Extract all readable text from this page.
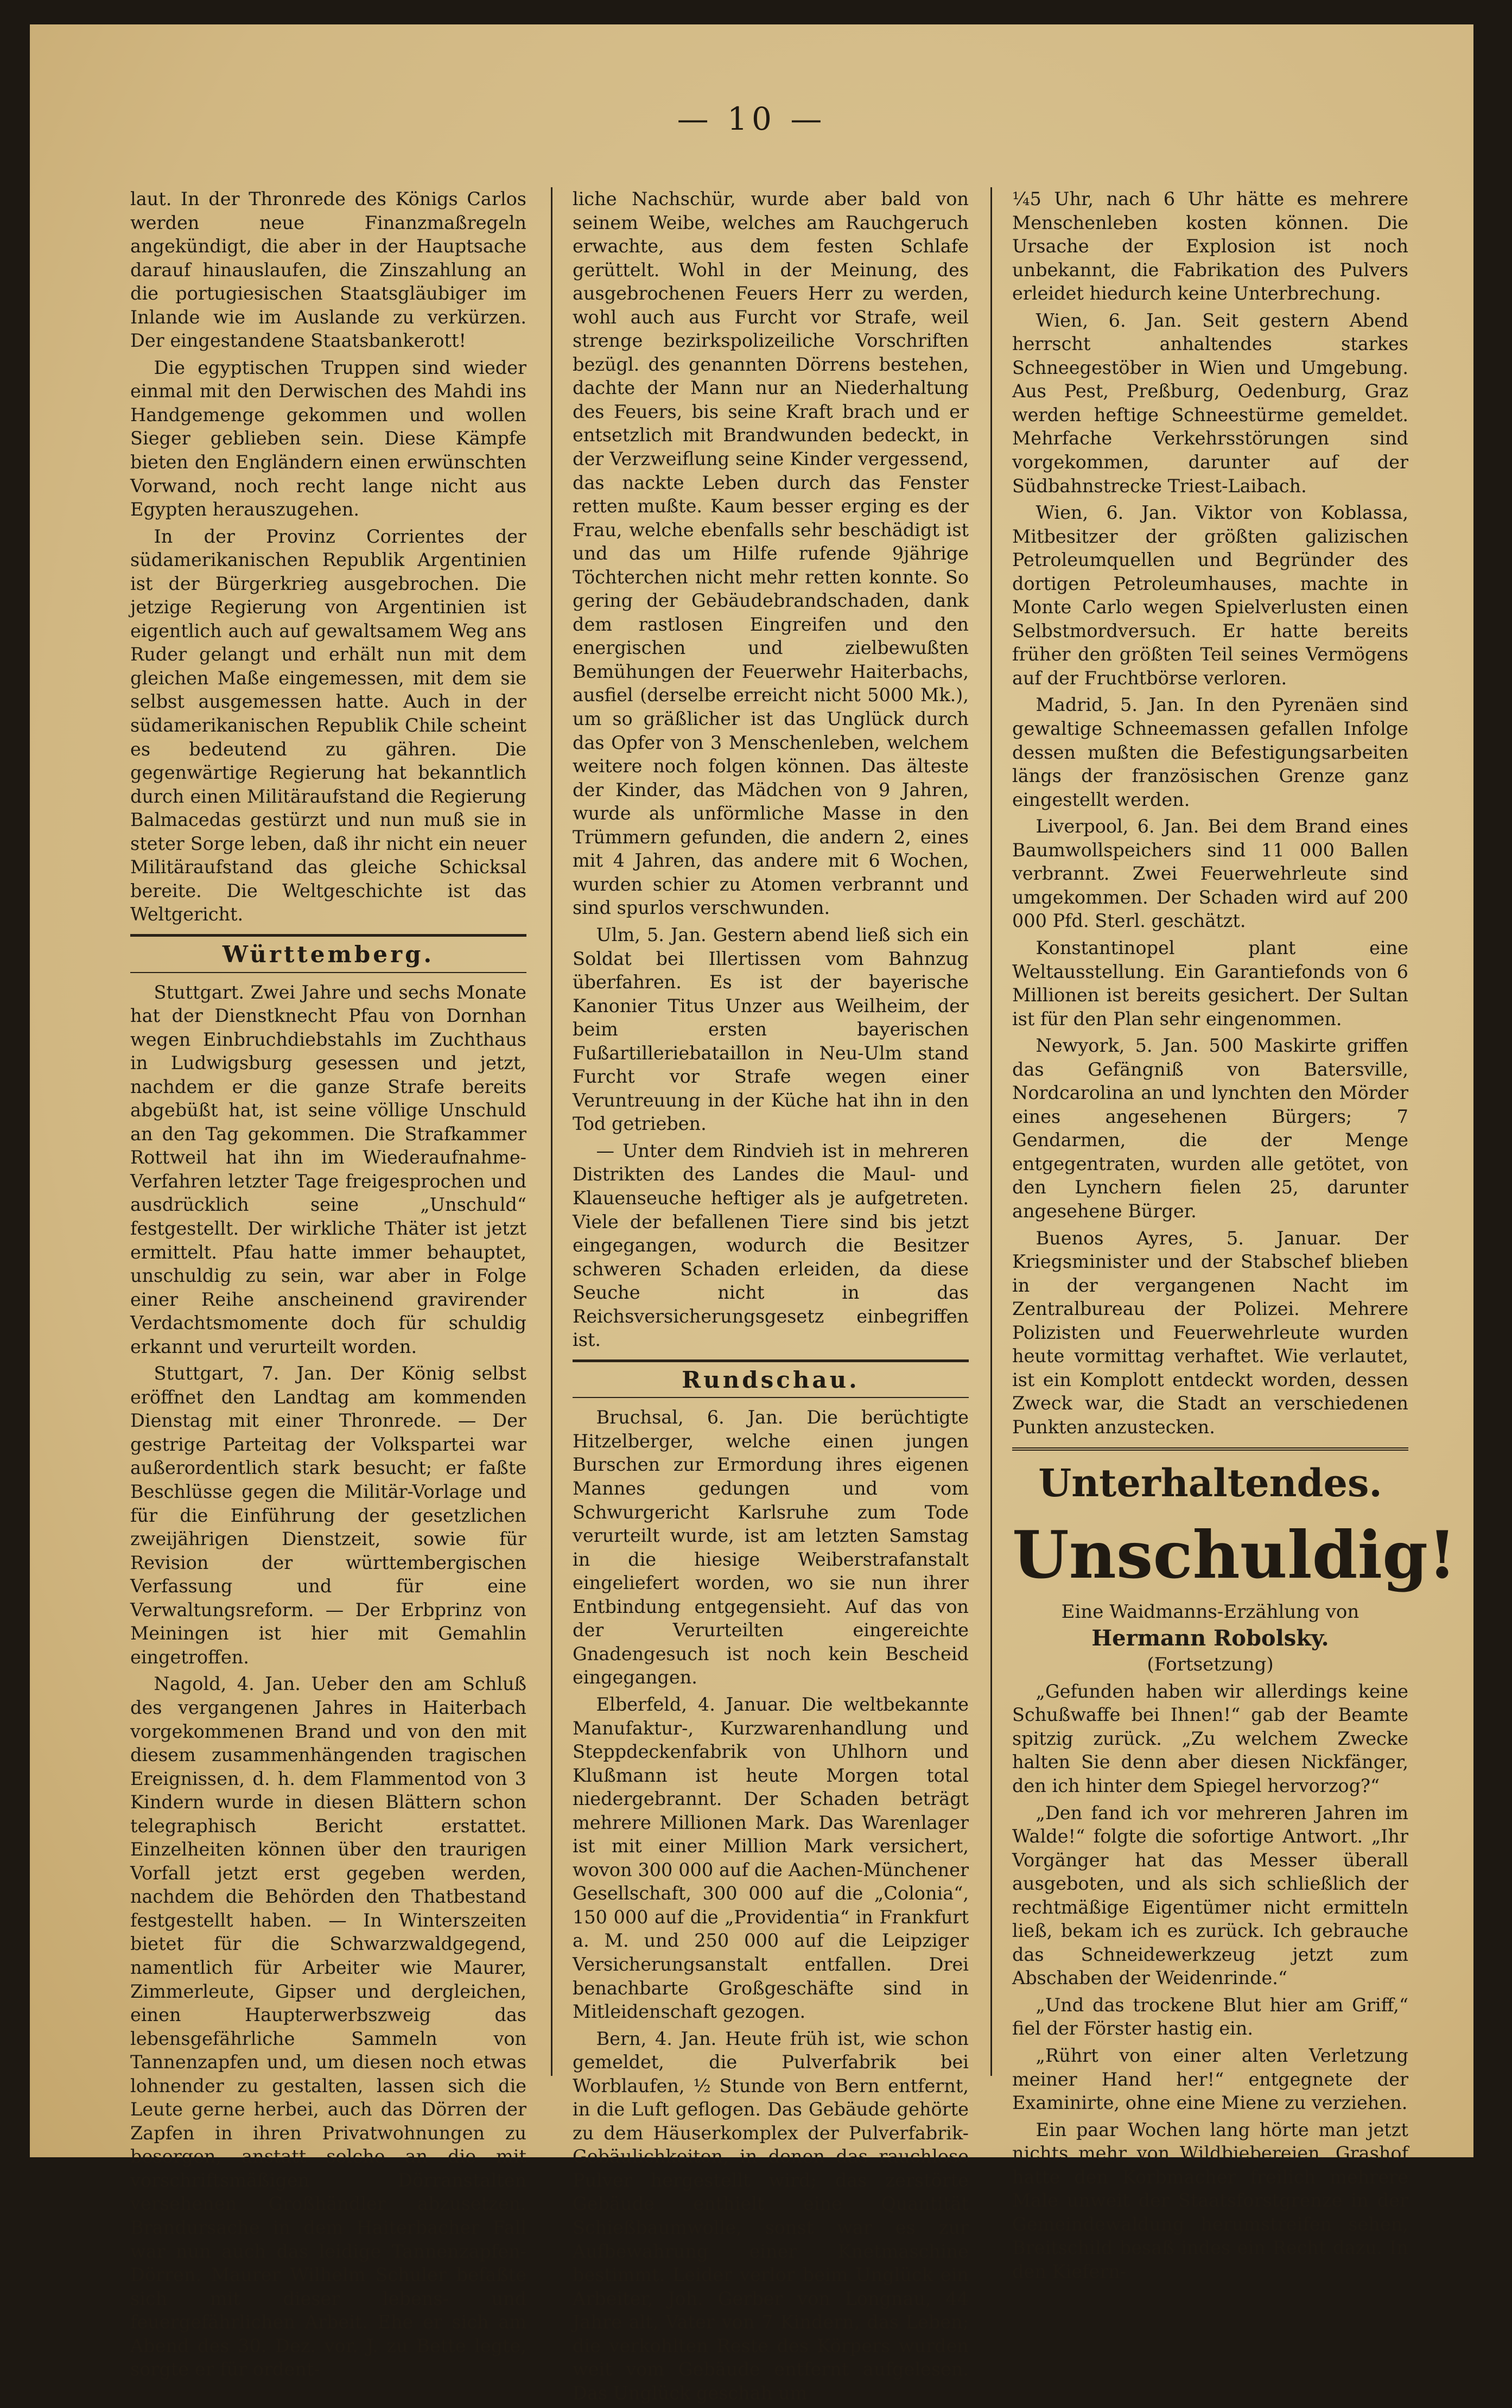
— 10 —

laut. In der Thronrede des Königs Carlos werden neue Finanzmaßregeln angekündigt, die aber in der Hauptsache darauf hinauslaufen, die Zinszahlung an die portugiesischen Staatsgläubiger im Inlande wie im Auslande zu verkürzen. Der eingestandene Staatsbankerott!

Die egyptischen Truppen sind wieder einmal mit den Derwischen des Mahdi ins Handgemenge gekommen und wollen Sieger geblieben sein. Diese Kämpfe bieten den Engländern einen erwünschten Vorwand, noch recht lange nicht aus Egypten herauszugehen.

In der Provinz Corrientes der südamerikanischen Republik Argentinien ist der Bürgerkrieg ausgebrochen. Die jetzige Regierung von Argentinien ist eigentlich auch auf gewaltsamem Weg ans Ruder gelangt und erhält nun mit dem gleichen Maße eingemessen, mit dem sie selbst ausgemessen hatte. Auch in der südamerikanischen Republik Chile scheint es bedeutend zu gähren. Die gegenwärtige Regierung hat bekanntlich durch einen Militäraufstand die Regierung Balmacedas gestürzt und nun muß sie in steter Sorge leben, daß ihr nicht ein neuer Militäraufstand das gleiche Schicksal bereite. Die Weltgeschichte ist das Weltgericht.

Württemberg.

Stuttgart. Zwei Jahre und sechs Monate hat der Dienstknecht Pfau von Dornhan wegen Einbruchdiebstahls im Zuchthaus in Ludwigsburg gesessen und jetzt, nachdem er die ganze Strafe bereits abgebüßt hat, ist seine völlige Unschuld an den Tag gekommen. Die Strafkammer Rottweil hat ihn im Wiederaufnahme-Verfahren letzter Tage freigesprochen und ausdrücklich seine „Unschuld“ festgestellt. Der wirkliche Thäter ist jetzt ermittelt. Pfau hatte immer behauptet, unschuldig zu sein, war aber in Folge einer Reihe anscheinend gravirender Verdachtsmomente doch für schuldig erkannt und verurteilt worden.

Stuttgart, 7. Jan. Der König selbst eröffnet den Landtag am kommenden Dienstag mit einer Thronrede. — Der gestrige Parteitag der Volkspartei war außerordentlich stark besucht; er faßte Beschlüsse gegen die Militär-Vorlage und für die Einführung der gesetzlichen zweijährigen Dienstzeit, sowie für Revision der württembergischen Verfassung und für eine Verwaltungsreform. — Der Erbprinz von Meiningen ist hier mit Gemahlin eingetroffen.

Nagold, 4. Jan. Ueber den am Schluß des vergangenen Jahres in Haiterbach vorgekommenen Brand und von den mit diesem zusammenhängenden tragischen Ereignissen, d. h. dem Flammentod von 3 Kindern wurde in diesen Blättern schon telegraphisch Bericht erstattet. Einzelheiten können über den traurigen Vorfall jetzt erst gegeben werden, nachdem die Behörden den Thatbestand festgestellt haben. — In Winterszeiten bietet für die Schwarzwaldgegend, namentlich für Arbeiter wie Maurer, Zimmerleute, Gipser und dergleichen, einen Haupterwerbszweig das lebensgefährliche Sammeln von Tannenzapfen und, um diesen noch etwas lohnender zu gestalten, lassen sich die Leute gerne herbei, auch das Dörren der Zapfen in ihren Privatwohnungen zu besorgen, anstatt solche an die mit vorschriftsmäßigen Dörranstalten versehenen Großhändler abzusetzen. Brandursache in dem Haiterbacher Fall war nun auch das leidige Tannenzapfen-Dörren. Maurer Wilhelm Schuler befaßte sich mit dieser lebens- und feuergefährlichen Arbeit. Ehe er sich am Abend des 30. Dez. vor. J. zu Bette legte, sorgte er für ordent-

liche Nachschür, wurde aber bald von seinem Weibe, welches am Rauchgeruch erwachte, aus dem festen Schlafe gerüttelt. Wohl in der Meinung, des ausgebrochenen Feuers Herr zu werden, wohl auch aus Furcht vor Strafe, weil strenge bezirkspolizeiliche Vorschriften bezügl. des genannten Dörrens bestehen, dachte der Mann nur an Niederhaltung des Feuers, bis seine Kraft brach und er entsetzlich mit Brandwunden bedeckt, in der Verzweiflung seine Kinder vergessend, das nackte Leben durch das Fenster retten mußte. Kaum besser erging es der Frau, welche ebenfalls sehr beschädigt ist und das um Hilfe rufende 9jährige Töchterchen nicht mehr retten konnte. So gering der Gebäudebrandschaden, dank dem rastlosen Eingreifen und den energischen und zielbewußten Bemühungen der Feuerwehr Haiterbachs, ausfiel (derselbe erreicht nicht 5000 Mk.), um so gräßlicher ist das Unglück durch das Opfer von 3 Menschenleben, welchem weitere noch folgen können. Das älteste der Kinder, das Mädchen von 9 Jahren, wurde als unförmliche Masse in den Trümmern gefunden, die andern 2, eines mit 4 Jahren, das andere mit 6 Wochen, wurden schier zu Atomen verbrannt und sind spurlos verschwunden.

Ulm, 5. Jan. Gestern abend ließ sich ein Soldat bei Illertissen vom Bahnzug überfahren. Es ist der bayerische Kanonier Titus Unzer aus Weilheim, der beim ersten bayerischen Fußartilleriebataillon in Neu-Ulm stand Furcht vor Strafe wegen einer Veruntreuung in der Küche hat ihn in den Tod getrieben.

— Unter dem Rindvieh ist in mehreren Distrikten des Landes die Maul- und Klauenseuche heftiger als je aufgetreten. Viele der befallenen Tiere sind bis jetzt eingegangen, wodurch die Besitzer schweren Schaden erleiden, da diese Seuche nicht in das Reichsversicherungsgesetz einbegriffen ist.

Rundschau.

Bruchsal, 6. Jan. Die berüchtigte Hitzelberger, welche einen jungen Burschen zur Ermordung ihres eigenen Mannes gedungen und vom Schwurgericht Karlsruhe zum Tode verurteilt wurde, ist am letzten Samstag in die hiesige Weiberstrafanstalt eingeliefert worden, wo sie nun ihrer Entbindung entgegensieht. Auf das von der Verurteilten eingereichte Gnadengesuch ist noch kein Bescheid eingegangen.

Elberfeld, 4. Januar. Die weltbekannte Manufaktur-, Kurzwarenhandlung und Steppdeckenfabrik von Uhlhorn und Klußmann ist heute Morgen total niedergebrannt. Der Schaden beträgt mehrere Millionen Mark. Das Warenlager ist mit einer Million Mark versichert, wovon 300 000 auf die Aachen-Münchener Gesellschaft, 300 000 auf die „Colonia“, 150 000 auf die „Providentia“ in Frankfurt a. M. und 250 000 auf die Leipziger Versicherungsanstalt entfallen. Drei benachbarte Großgeschäfte sind in Mitleidenschaft gezogen.

Bern, 4. Jan. Heute früh ist, wie schon gemeldet, die Pulverfabrik bei Worblaufen, ½ Stunde von Bern entfernt, in die Luft geflogen. Das Gebäude gehörte zu dem Häuserkomplex der Pulverfabrik-Gebäulichkeiten, in denen das rauchlose Pulver hergestellt wird; das zerstörte Gebäude enthielt eine Quantität Schießbaumwolle, sonst war es zur Aufbewahrung einer Knetmaschine bestimmt. Leider verlor beim Unglück ein Arbeiter, Joh. Gerber von Longnau, 44 Jahre alt, Vater von 7 Kindern, das Leben; die verkohlten Reste des Körpers wurden weit vom Gebäude entfernt aufgelesen. Das Unglück geschah um

¼5 Uhr, nach 6 Uhr hätte es mehrere Menschenleben kosten können. Die Ursache der Explosion ist noch unbekannt, die Fabrikation des Pulvers erleidet hiedurch keine Unterbrechung.

Wien, 6. Jan. Seit gestern Abend herrscht anhaltendes starkes Schneegestöber in Wien und Umgebung. Aus Pest, Preßburg, Oedenburg, Graz werden heftige Schneestürme gemeldet. Mehrfache Verkehrsstörungen sind vorgekommen, darunter auf der Südbahnstrecke Triest-Laibach.

Wien, 6. Jan. Viktor von Koblassa, Mitbesitzer der größten galizischen Petroleumquellen und Begründer des dortigen Petroleumhauses, machte in Monte Carlo wegen Spielverlusten einen Selbstmordversuch. Er hatte bereits früher den größten Teil seines Vermögens auf der Fruchtbörse verloren.

Madrid, 5. Jan. In den Pyrenäen sind gewaltige Schneemassen gefallen Infolge dessen mußten die Befestigungsarbeiten längs der französischen Grenze ganz eingestellt werden.

Liverpool, 6. Jan. Bei dem Brand eines Baumwollspeichers sind 11 000 Ballen verbrannt. Zwei Feuerwehrleute sind umgekommen. Der Schaden wird auf 200 000 Pfd. Sterl. geschätzt.

Konstantinopel plant eine Weltausstellung. Ein Garantiefonds von 6 Millionen ist bereits gesichert. Der Sultan ist für den Plan sehr eingenommen.

Newyork, 5. Jan. 500 Maskirte griffen das Gefängniß von Batersville, Nordcarolina an und lynchten den Mörder eines angesehenen Bürgers; 7 Gendarmen, die der Menge entgegentraten, wurden alle getötet, von den Lynchern fielen 25, darunter angesehene Bürger.

Buenos Ayres, 5. Januar. Der Kriegsminister und der Stabschef blieben in der vergangenen Nacht im Zentralbureau der Polizei. Mehrere Polizisten und Feuerwehrleute wurden heute vormittag verhaftet. Wie verlautet, ist ein Komplott entdeckt worden, dessen Zweck war, die Stadt an verschiedenen Punkten anzustecken.

Unterhaltendes.
Unschuldig!
Eine Waidmanns-Erzählung von Hermann Robolsky.
(Fortsetzung)

„Gefunden haben wir allerdings keine Schußwaffe bei Ihnen!“ gab der Beamte spitzig zurück. „Zu welchem Zwecke halten Sie denn aber diesen Nickfänger, den ich hinter dem Spiegel hervorzog?“

„Den fand ich vor mehreren Jahren im Walde!“ folgte die sofortige Antwort. „Ihr Vorgänger hat das Messer überall ausgeboten, und als sich schließlich der rechtmäßige Eigentümer nicht ermitteln ließ, bekam ich es zurück. Ich gebrauche das Schneidewerkzeug jetzt zum Abschaben der Weidenrinde.“

„Und das trockene Blut hier am Griff,“ fiel der Förster hastig ein.

„Rührt von einer alten Verletzung meiner Hand her!“ entgegnete der Examinirte, ohne eine Miene zu verziehen.

Ein paar Wochen lang hörte man jetzt nichts mehr von Wildbiebereien. Grashof hatte den Korbmacher freilich mehrere Male unweit der Staatsforstgrenze in der Gemeindewaldung herumstreifen sehen, Breitschild besaß indes ein Recht dazu. In den Kiefern-
